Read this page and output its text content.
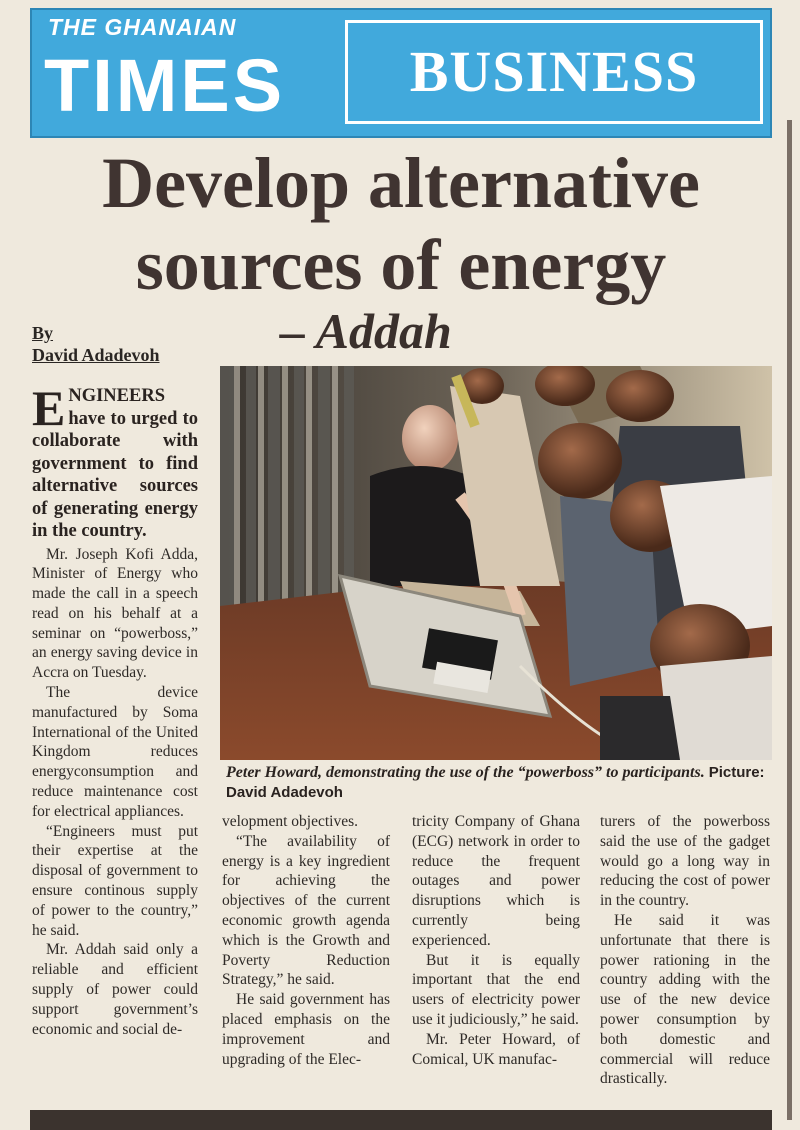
THE GHANAIAN
TIMES	BUSINESS
Develop alternative
sources of energy
– Addah
By
David Adadevoh

ENGINEERS have to urged to collaborate with government to find alternative sources of generating energy in the country.

Mr. Joseph Kofi Adda, Minister of Energy who made the call in a speech read on his behalf at a seminar on “powerboss,” an energy saving device in Accra on Tuesday.

The device manufactured by Soma International of the United Kingdom reduces energyconsumption and reduce maintenance cost for electrical appliances.

“Engineers must put their expertise at the disposal of government to ensure continous supply of power to the country,” he said.

Mr. Addah said only a reliable and efficient supply of power could support government’s economic and social de-

Peter Howard, demonstrating the use of the “powerboss” to participants. Picture: David Adadevoh

velopment objectives.

“The availability of energy is a key ingredient for achieving the objectives of the current economic growth agenda which is the Growth and Poverty Reduction Strategy,” he said.

He said government has placed emphasis on the improvement and upgrading of the Elec-

tricity Company of Ghana (ECG) network in order to reduce the frequent outages and power disruptions which is currently being experienced.

But it is equally important that the end users of electricity power use it judiciously,” he said.

Mr. Peter Howard, of Comical, UK manufac-

turers of the powerboss said the use of the gadget would go a long way in reducing the cost of power in the country.

He said it was unfortunate that there is power rationing in the country adding with the use of the new device power consumption by both domestic and commercial will reduce drastically.
